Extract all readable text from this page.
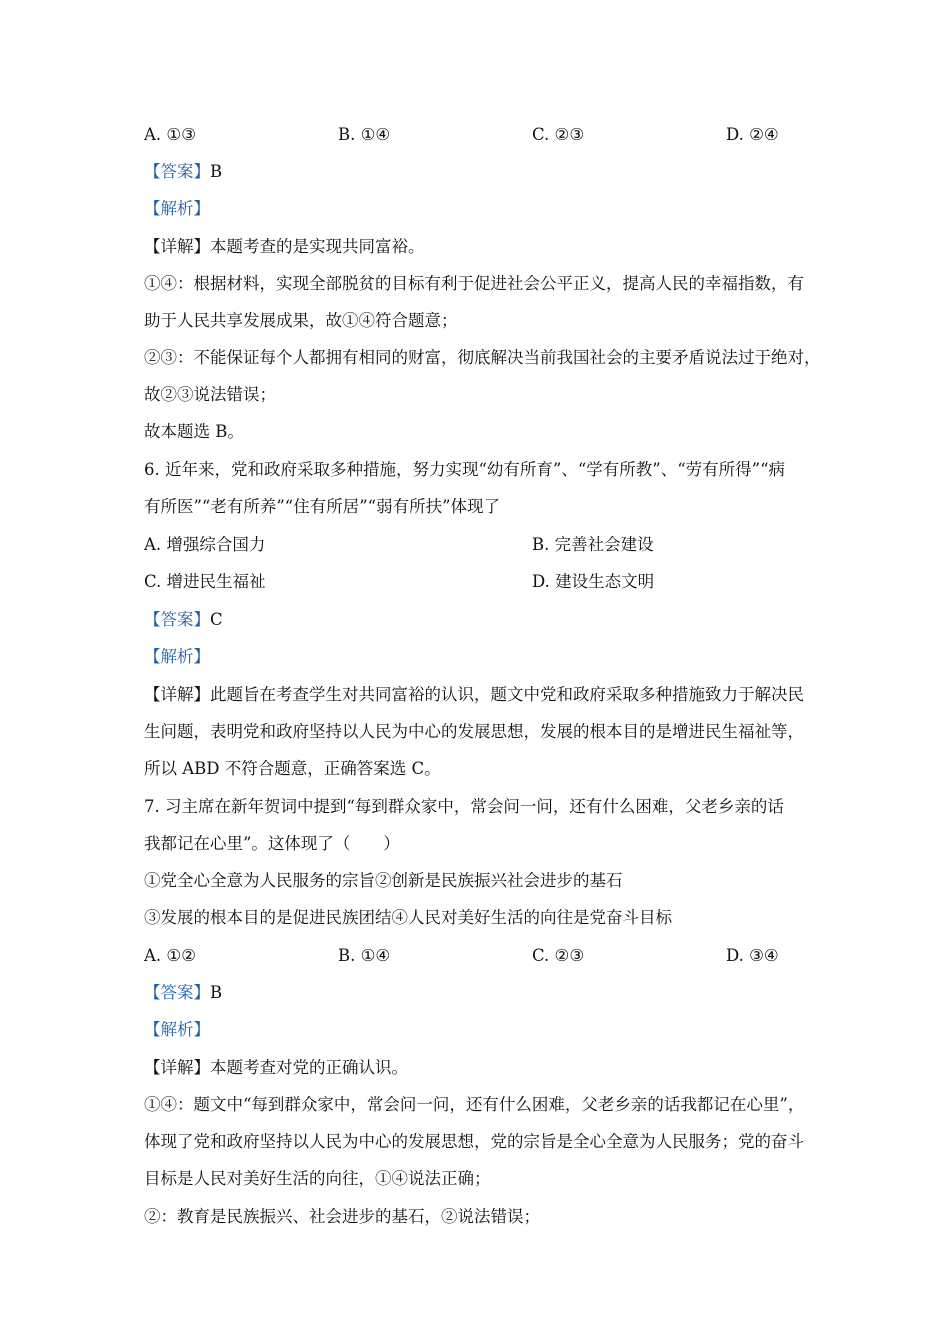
A. ①③	B. ①④	C. ②③	D. ②④
【答案】B
【解析】
【详解】本题考查的是实现共同富裕。
①④：根据材料，实现全部脱贫的目标有利于促进社会公平正义，提高人民的幸福指数，有
助于人民共享发展成果，故①④符合题意；
②③：不能保证每个人都拥有相同的财富，彻底解决当前我国社会的主要矛盾说法过于绝对，
故②③说法错误；
故本题选 B。
6. 近年来，党和政府采取多种措施，努力实现“幼有所育”、“学有所教”、“劳有所得”“病
有所医”“老有所养”“住有所居”“弱有所扶”体现了
A. 增强综合国力	B. 完善社会建设
C. 增进民生福祉	D. 建设生态文明
【答案】C
【解析】
【详解】此题旨在考查学生对共同富裕的认识，题文中党和政府采取多种措施致力于解决民
生问题，表明党和政府坚持以人民为中心的发展思想，发展的根本目的是增进民生福祉等，
所以 ABD 不符合题意，正确答案选 C。
7. 习主席在新年贺词中提到“每到群众家中，常会问一问，还有什么困难，父老乡亲的话
我都记在心里”。这体现了（　　）
①党全心全意为人民服务的宗旨②创新是民族振兴社会进步的基石
③发展的根本目的是促进民族团结④人民对美好生活的向往是党奋斗目标
A. ①②	B. ①④	C. ②③	D. ③④
【答案】B
【解析】
【详解】本题考查对党的正确认识。
①④：题文中“每到群众家中，常会问一问，还有什么困难，父老乡亲的话我都记在心里”，
体现了党和政府坚持以人民为中心的发展思想，党的宗旨是全心全意为人民服务；党的奋斗
目标是人民对美好生活的向往，①④说法正确；
②：教育是民族振兴、社会进步的基石，②说法错误；
